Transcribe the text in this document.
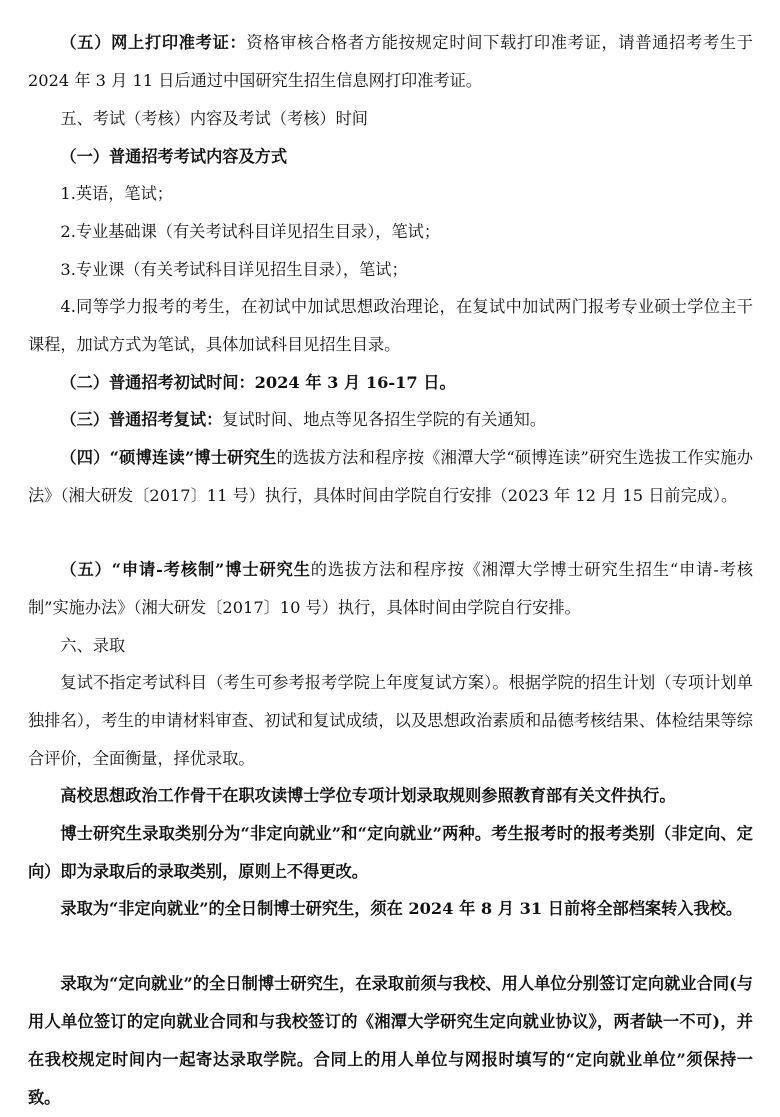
（五）网上打印准考证：资格审核合格者方能按规定时间下载打印准考证，请普通招考考生于 2024 年 3 月 11 日后通过中国研究生招生信息网打印准考证。

五、考试（考核）内容及考试（考核）时间

（一）普通招考考试内容及方式

1.英语，笔试；

2.专业基础课（有关考试科目详见招生目录），笔试；

3.专业课（有关考试科目详见招生目录），笔试；

4.同等学力报考的考生，在初试中加试思想政治理论，在复试中加试两门报考专业硕士学位主干课程，加试方式为笔试，具体加试科目见招生目录。

（二）普通招考初试时间：2024 年 3 月 16-17 日。

（三）普通招考复试：复试时间、地点等见各招生学院的有关通知。

（四）“硕博连读”博士研究生的选拔方法和程序按《湘潭大学“硕博连读”研究生选拔工作实施办法》（湘大研发〔2017〕11 号）执行，具体时间由学院自行安排（2023 年 12 月 15 日前完成）。

（五）“申请-考核制”博士研究生的选拔方法和程序按《湘潭大学博士研究生招生“申请-考核制”实施办法》（湘大研发〔2017〕10 号）执行，具体时间由学院自行安排。

六、录取

复试不指定考试科目（考生可参考报考学院上年度复试方案）。根据学院的招生计划（专项计划单独排名），考生的申请材料审查、初试和复试成绩，以及思想政治素质和品德考核结果、体检结果等综合评价，全面衡量，择优录取。

高校思想政治工作骨干在职攻读博士学位专项计划录取规则参照教育部有关文件执行。

博士研究生录取类别分为“非定向就业”和“定向就业”两种。考生报考时的报考类别（非定向、定向）即为录取后的录取类别，原则上不得更改。

录取为“非定向就业”的全日制博士研究生，须在 2024 年 8 月 31 日前将全部档案转入我校。

录取为“定向就业”的全日制博士研究生，在录取前须与我校、用人单位分别签订定向就业合同(与用人单位签订的定向就业合同和与我校签订的《湘潭大学研究生定向就业协议》，两者缺一不可)，并在我校规定时间内一起寄达录取学院。合同上的用人单位与网报时填写的“定向就业单位”须保持一致。
